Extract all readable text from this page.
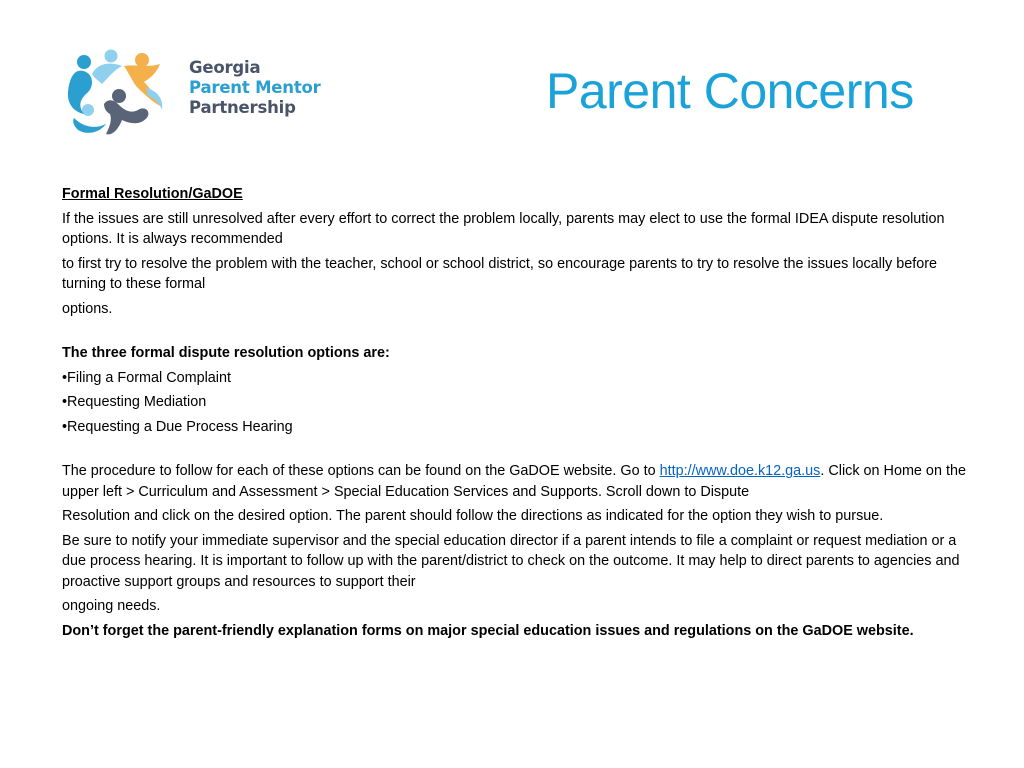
Georgia
Parent Mentor
Partnership	Parent Concerns

Formal Resolution/GaDOE

If the issues are still unresolved after every effort to correct the problem locally, parents may elect to use the formal IDEA dispute resolution options. It is always recommended

to first try to resolve the problem with the teacher, school or school district, so encourage parents to try to resolve the issues locally before turning to these formal

options.

The three formal dispute resolution options are:

•Filing a Formal Complaint

•Requesting Mediation

•Requesting a Due Process Hearing

The procedure to follow for each of these options can be found on the GaDOE website. Go to http://www.doe.k12.ga.us. Click on Home on the upper left > Curriculum and Assessment > Special Education Services and Supports. Scroll down to Dispute

Resolution and click on the desired option. The parent should follow the directions as indicated for the option they wish to pursue.

Be sure to notify your immediate supervisor and the special education director if a parent intends to file a complaint or request mediation or a due process hearing. It is important to follow up with the parent/district to check on the outcome. It may help to direct parents to agencies and proactive support groups and resources to support their

ongoing needs.

Don’t forget the parent-friendly explanation forms on major special education issues and regulations on the GaDOE website.
